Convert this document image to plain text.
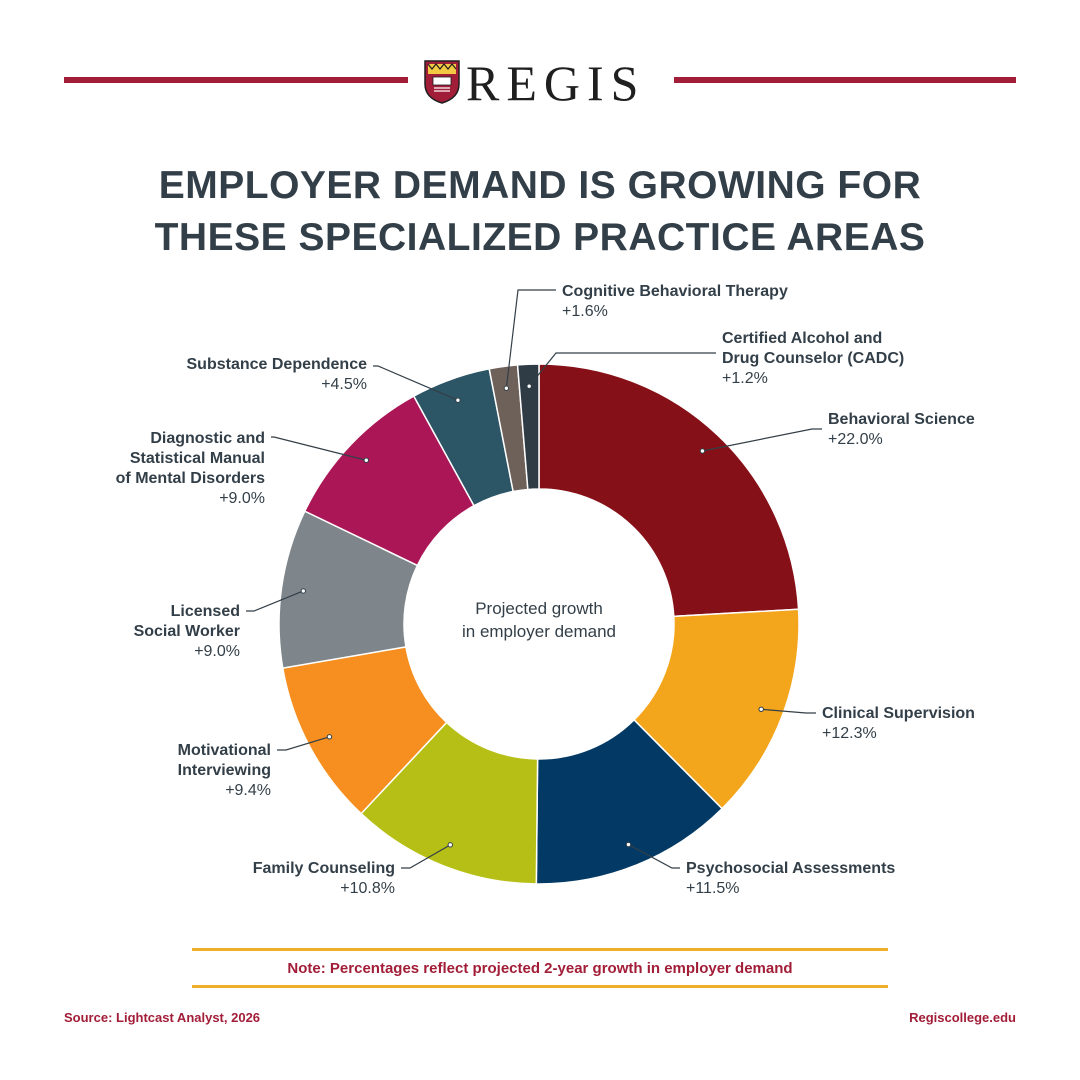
REGIS
EMPLOYER DEMAND IS GROWING FOR
THESE SPECIALIZED PRACTICE AREAS
Behavioral Science +22.0%
Clinical Supervision +12.3%
Psychosocial Assessments +11.5%
Family Counseling +10.8%
Motivational Interviewing +9.4%
Licensed Social Worker +9.0%
Diagnostic and Statistical Manual of Mental Disorders +9.0%
Substance Dependence +4.5%
Cognitive Behavioral Therapy +1.6%
Certified Alcohol and Drug Counselor (CADC) +1.2%
Projected growth
in employer demand
Note: Percentages reflect projected 2-year growth in employer demand
Source: Lightcast Analyst, 2026	Regiscollege.edu
